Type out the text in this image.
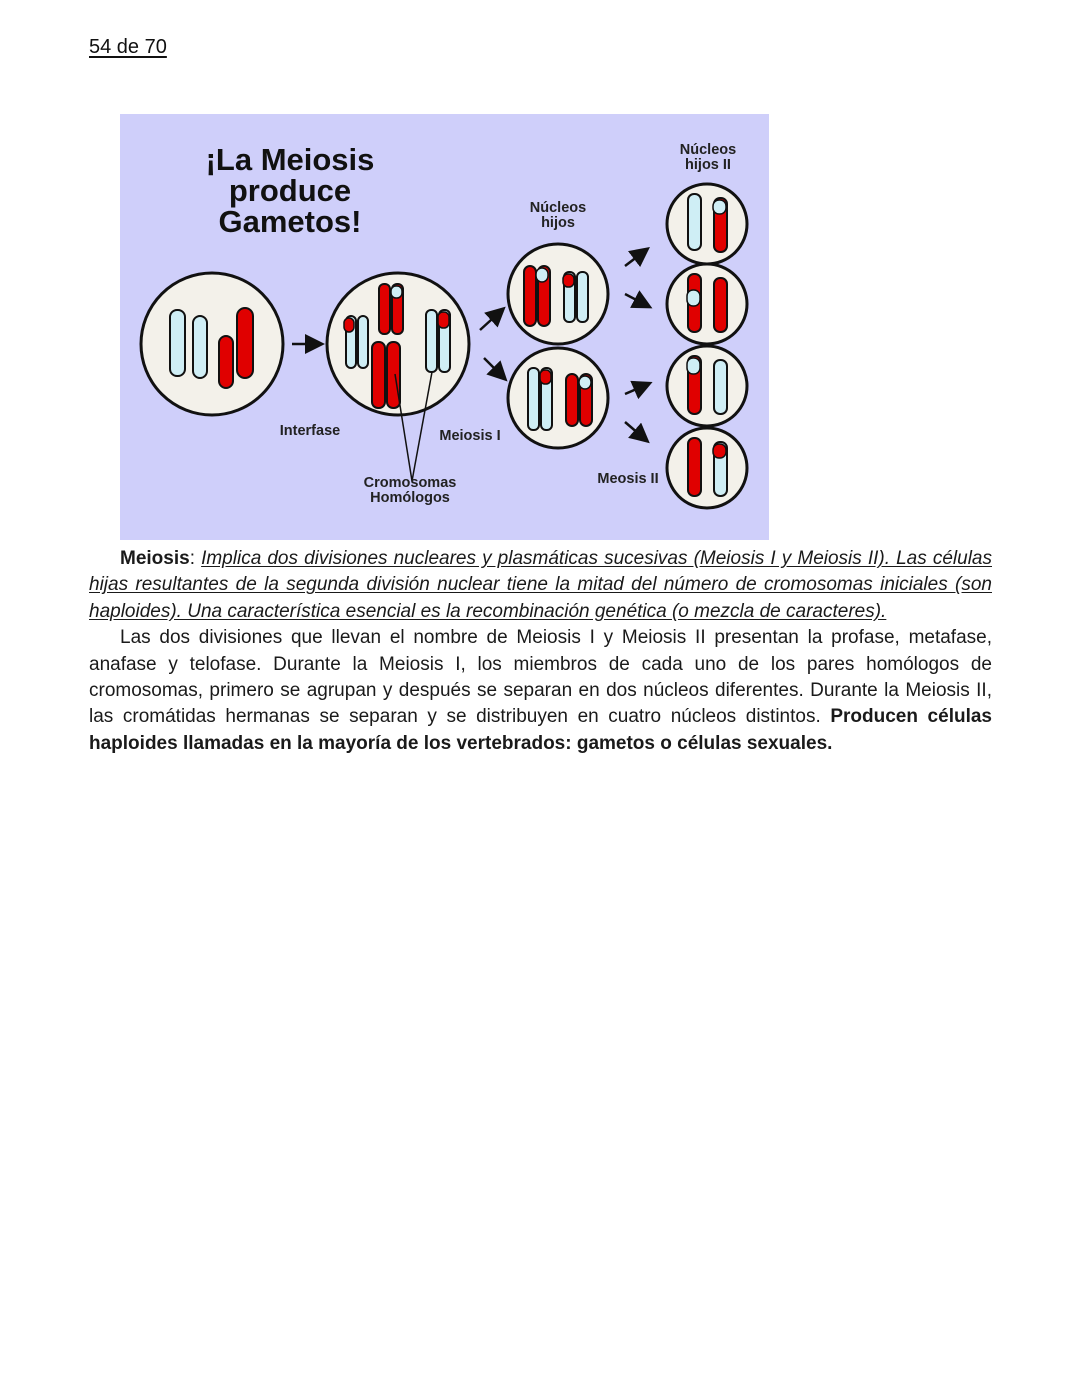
54 de 70
¡La Meiosis
produce
Gametos!
Interfase	Meiosis I
Cromosomas
Homólogos
Núcleos
hijos
Núcleos
hijos II
Meosis II

Meiosis: Implica dos divisiones nucleares y plasmáticas sucesivas (Meiosis I y Meiosis II). Las células hijas resultantes de la segunda división nuclear tiene la mitad del número de cromosomas iniciales (son haploides). Una característica esencial es la recombinación genética (o mezcla de caracteres).

Las dos divisiones que llevan el nombre de Meiosis I y Meiosis II presentan la profase, metafase, anafase y telofase. Durante la Meiosis I, los miembros de cada uno de los pares homólogos de cromosomas, primero se agrupan y después se separan en dos núcleos diferentes. Durante la Meiosis II, las cromátidas hermanas se separan y se distribuyen en cuatro núcleos distintos. Producen células haploides llamadas en la mayoría de los vertebrados: gametos o células sexuales.
